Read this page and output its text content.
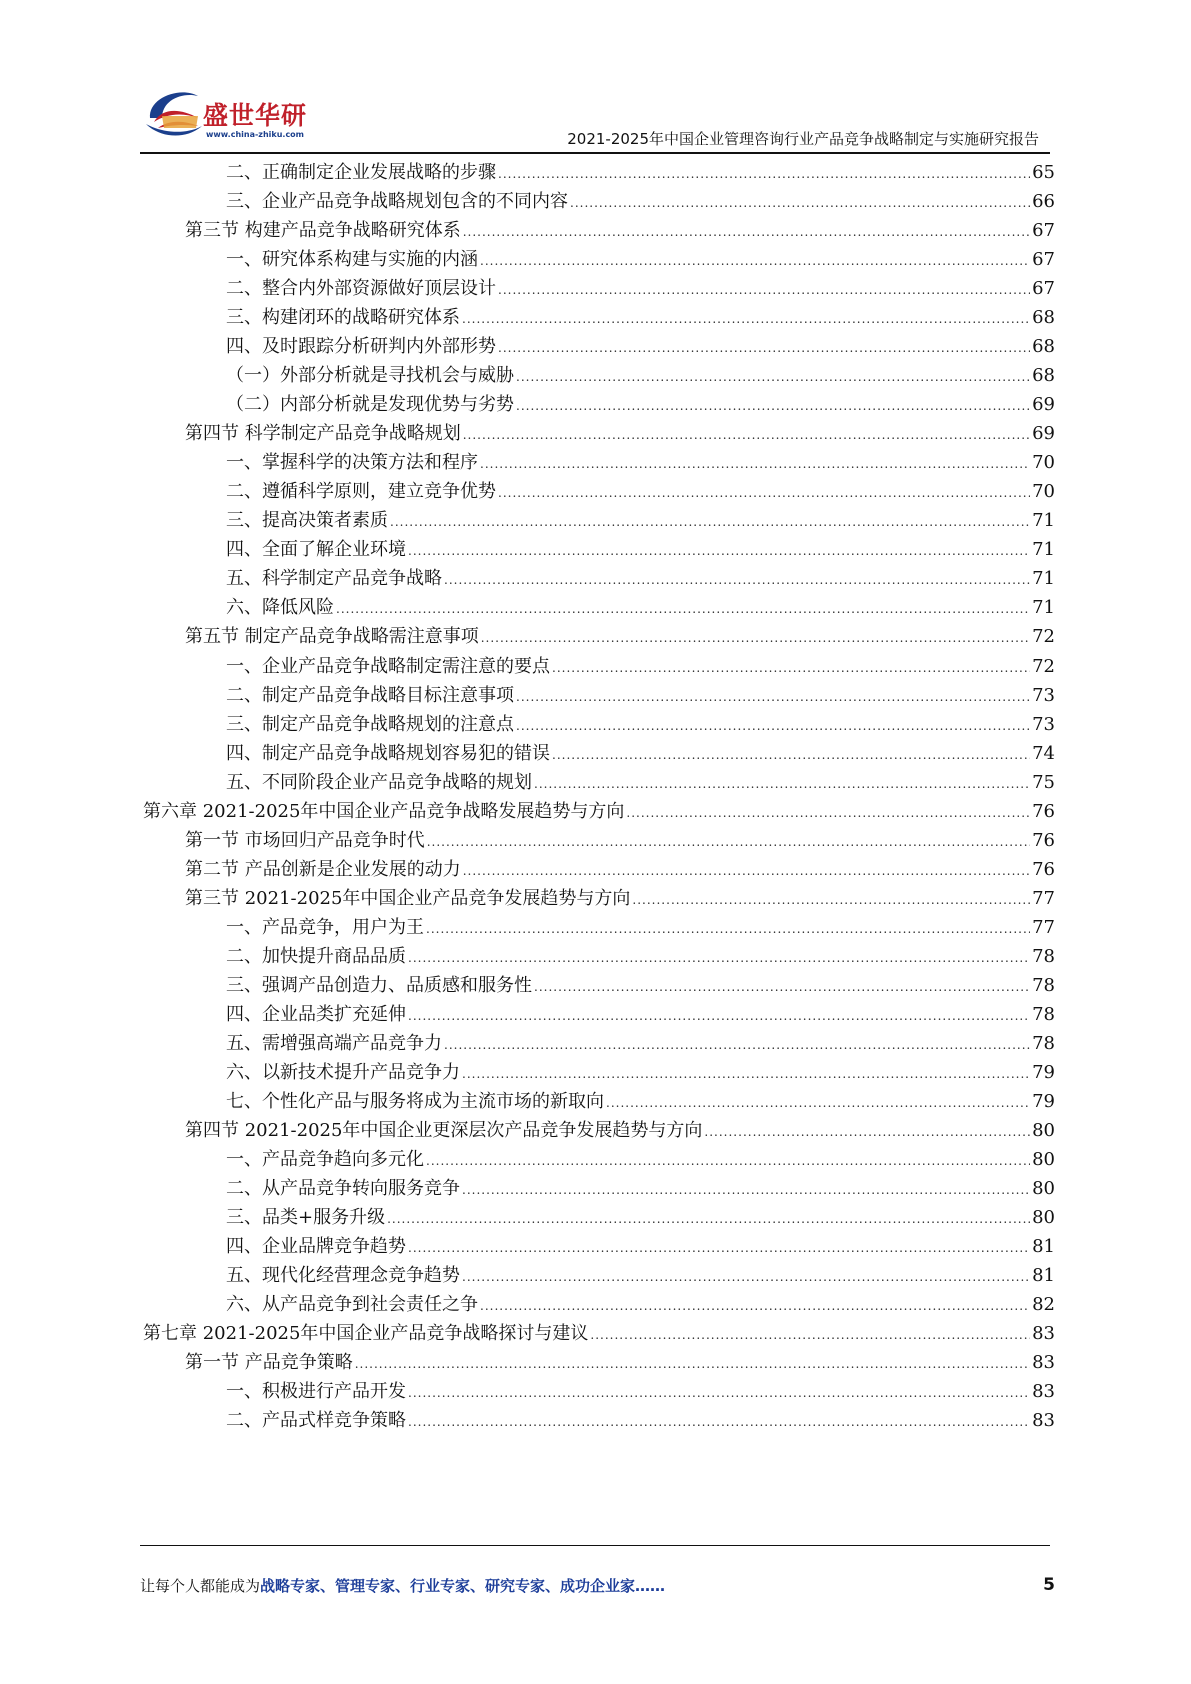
盛世华研
www.china-zhiku.com	2021-2025年中国企业管理咨询行业产品竞争战略制定与实施研究报告
二、正确制定企业发展战略的步骤 .....	65
三、企业产品竞争战略规划包含的不同内容 .....	66
第三节 构建产品竞争战略研究体系 .....	67
一、研究体系构建与实施的内涵 .....	67
二、整合内外部资源做好顶层设计 .....	67
三、构建闭环的战略研究体系 .....	68
四、及时跟踪分析研判内外部形势 .....	68
（一）外部分析就是寻找机会与威胁 .....	68
（二）内部分析就是发现优势与劣势 .....	69
第四节 科学制定产品竞争战略规划 .....	69
一、掌握科学的决策方法和程序 .....	70
二、遵循科学原则，建立竞争优势 .....	70
三、提高决策者素质 .....	71
四、全面了解企业环境 .....	71
五、科学制定产品竞争战略 .....	71
六、降低风险 .....	71
第五节 制定产品竞争战略需注意事项 .....	72
一、企业产品竞争战略制定需注意的要点 .....	72
二、制定产品竞争战略目标注意事项 .....	73
三、制定产品竞争战略规划的注意点 .....	73
四、制定产品竞争战略规划容易犯的错误 .....	74
五、不同阶段企业产品竞争战略的规划 .....	75
第六章 2021-2025年中国企业产品竞争战略发展趋势与方向 .....	76
第一节 市场回归产品竞争时代 .....	76
第二节 产品创新是企业发展的动力 .....	76
第三节 2021-2025年中国企业产品竞争发展趋势与方向 .....	77
一、产品竞争，用户为王 .....	77
二、加快提升商品品质 .....	78
三、强调产品创造力、品质感和服务性 .....	78
四、企业品类扩充延伸 .....	78
五、需增强高端产品竞争力 .....	78
六、以新技术提升产品竞争力 .....	79
七、个性化产品与服务将成为主流市场的新取向 .....	79
第四节 2021-2025年中国企业更深层次产品竞争发展趋势与方向 .....	80
一、产品竞争趋向多元化 .....	80
二、从产品竞争转向服务竞争 .....	80
三、品类+服务升级 .....	80
四、企业品牌竞争趋势 .....	81
五、现代化经营理念竞争趋势 .....	81
六、从产品竞争到社会责任之争 .....	82
第七章 2021-2025年中国企业产品竞争战略探讨与建议 .....	83
第一节 产品竞争策略 .....	83
一、积极进行产品开发 .....	83
二、产品式样竞争策略 .....	83
让每个人都能成为战略专家、管理专家、行业专家、研究专家、成功企业家……	5
